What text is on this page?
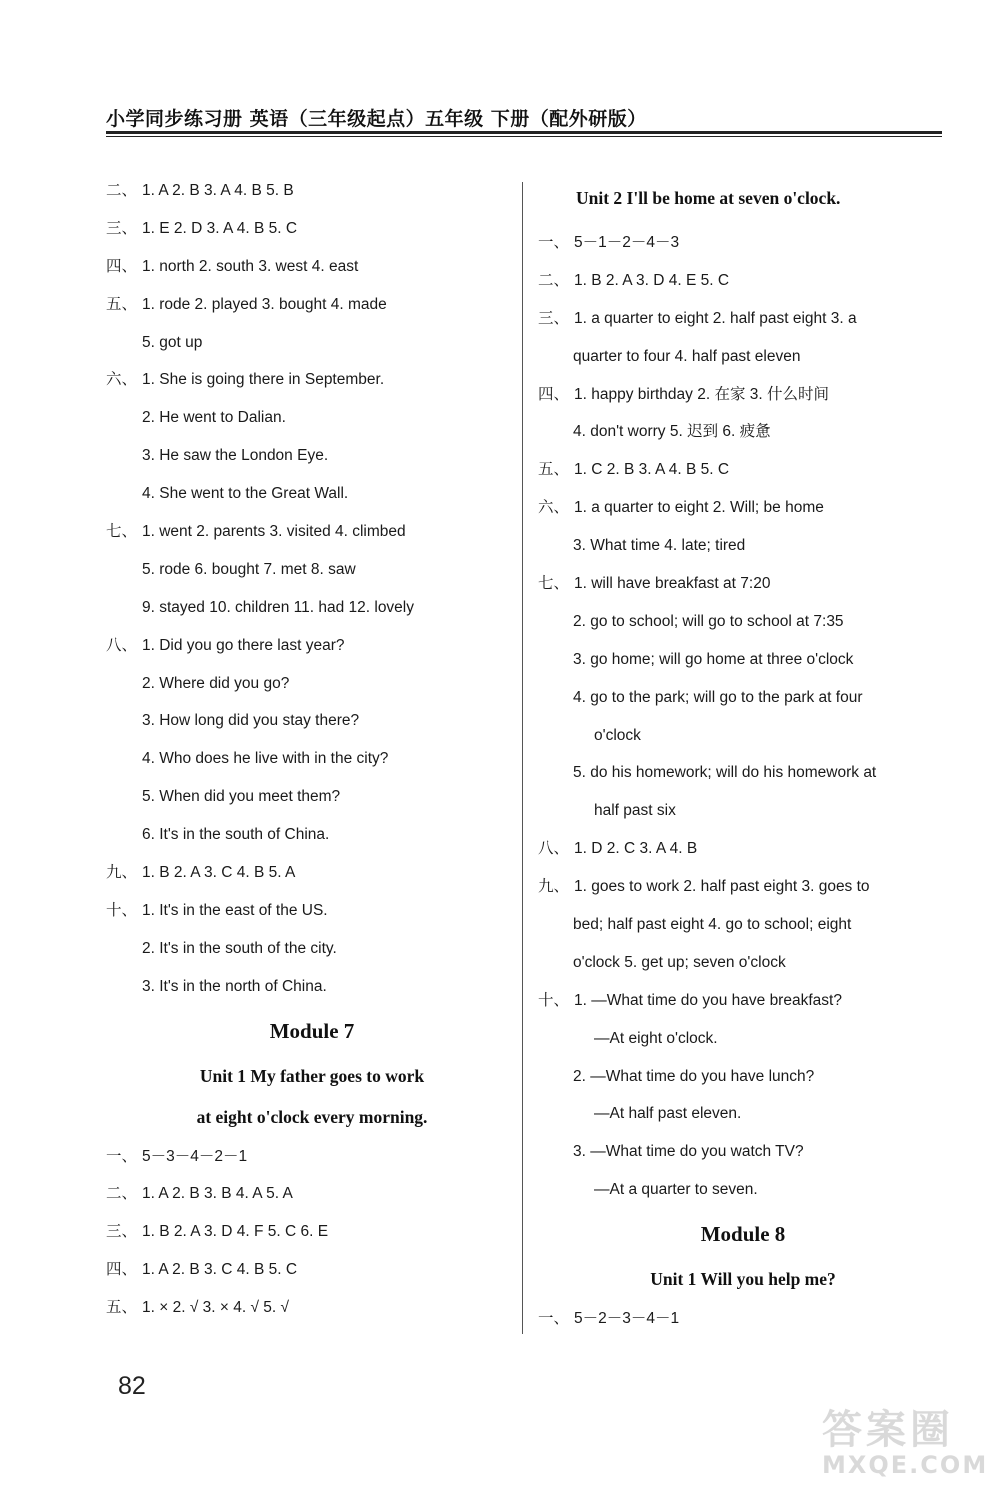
小学同步练习册 英语（三年级起点）五年级 下册（配外研版）
二、 1. A 2. B 3. A 4. B 5. B
三、 1. E 2. D 3. A 4. B 5. C
四、 1. north 2. south 3. west 4. east
五、 1. rode 2. played 3. bought 4. made
5. got up
六、 1. She is going there in September.
2. He went to Dalian.
3. He saw the London Eye.
4. She went to the Great Wall.
七、 1. went 2. parents 3. visited 4. climbed
5. rode 6. bought 7. met 8. saw
9. stayed 10. children 11. had 12. lovely
八、 1. Did you go there last year?
2. Where did you go?
3. How long did you stay there?
4. Who does he live with in the city?
5. When did you meet them?
6. It's in the south of China.
九、 1. B 2. A 3. C 4. B 5. A
十、 1. It's in the east of the US.
2. It's in the south of the city.
3. It's in the north of China.
Module 7
Unit 1 My father goes to work
at eight o'clock every morning.
一、 5－3－4－2－1
二、 1. A 2. B 3. B 4. A 5. A
三、 1. B 2. A 3. D 4. F 5. C 6. E
四、 1. A 2. B 3. C 4. B 5. C
五、 1. × 2. √ 3. × 4. √ 5. √
Unit 2 I'll be home at seven o'clock.
一、 5－1－2－4－3
二、 1. B 2. A 3. D 4. E 5. C
三、 1. a quarter to eight 2. half past eight 3. a
quarter to four 4. half past eleven
四、 1. happy birthday 2. 在家 3. 什么时间
4. don't worry 5. 迟到 6. 疲惫
五、 1. C 2. B 3. A 4. B 5. C
六、 1. a quarter to eight 2. Will; be home
3. What time 4. late; tired
七、 1. will have breakfast at 7:20
2. go to school; will go to school at 7:35
3. go home; will go home at three o'clock
4. go to the park; will go to the park at four
o'clock
5. do his homework; will do his homework at
half past six
八、 1. D 2. C 3. A 4. B
九、 1. goes to work 2. half past eight 3. goes to
bed; half past eight 4. go to school; eight
o'clock 5. get up; seven o'clock
十、 1. —What time do you have breakfast?
—At eight o'clock.
2. —What time do you have lunch?
—At half past eleven.
3. —What time do you watch TV?
—At a quarter to seven.
Module 8
Unit 1 Will you help me?
一、 5－2－3－4－1
82
答案圈
MXQE.COM
